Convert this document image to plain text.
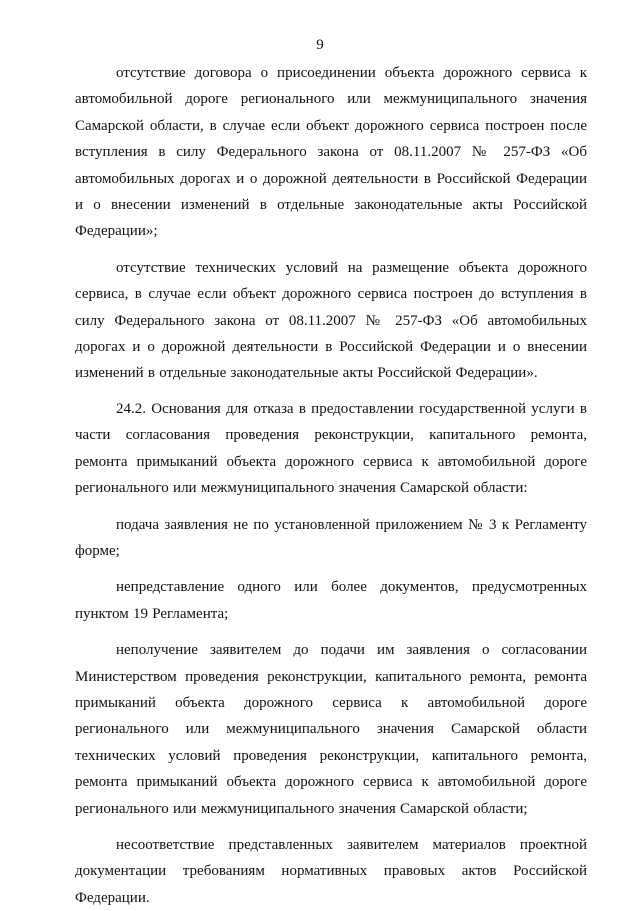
9

отсутствие договора о присоединении объекта дорожного сервиса к автомобильной дороге регионального или межмуниципального значения Самарской области, в случае если объект дорожного сервиса построен после вступления в силу Федерального закона от 08.11.2007 № 257-ФЗ «Об автомобильных дорогах и о дорожной деятельности в Российской Федерации и о внесении изменений в отдельные законодательные акты Российской Федерации»;

отсутствие технических условий на размещение объекта дорожного сервиса, в случае если объект дорожного сервиса построен до вступления в силу Федерального закона от 08.11.2007 № 257-ФЗ «Об автомобильных дорогах и о дорожной деятельности в Российской Федерации и о внесении изменений в отдельные законодательные акты Российской Федерации».

24.2. Основания для отказа в предоставлении государственной услуги в части согласования проведения реконструкции, капитального ремонта, ремонта примыканий объекта дорожного сервиса к автомобильной дороге регионального или межмуниципального значения Самарской области:

подача заявления не по установленной приложением № 3 к Регламенту форме;

непредставление одного или более документов, предусмотренных пунктом 19 Регламента;

неполучение заявителем до подачи им заявления о согласовании Министерством проведения реконструкции, капитального ремонта, ремонта примыканий объекта дорожного сервиса к автомобильной дороге регионального или межмуниципального значения Самарской области технических условий проведения реконструкции, капитального ремонта, ремонта примыканий объекта дорожного сервиса к автомобильной дороге регионального или межмуниципального значения Самарской области;

несоответствие представленных заявителем материалов проектной документации требованиям нормативных правовых актов Российской Федерации.
